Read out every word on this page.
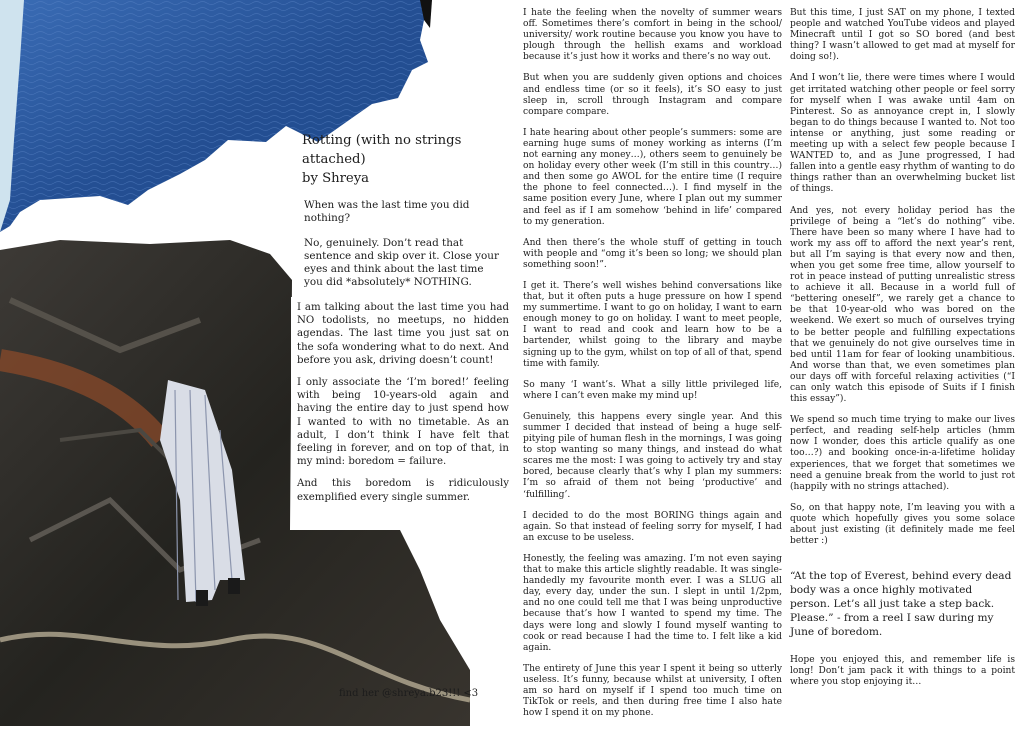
Rotting (with no strings attached)
by Shreya

When was the last time you did nothing?

No, genuinely. Don’t read that sentence and skip over it. Close your eyes and think about the last time you did *absolutely* NOTHING.

I am talking about the last time you had NO todolists, no meetups, no hidden agendas. The last time you just sat on the sofa wondering what to do next. And before you ask, driving doesn’t count!

I only associate the ‘I’m bored!’ feeling with being 10-years-old again and having the entire day to just spend how I wanted to with no timetable. As an adult, I don’t think I have felt that feeling in forever, and on top of that, in my mind: boredom = failure.

And this boredom is ridiculously exemplified every single summer.

find her @shreya.b23!!! <3

I hate the feeling when the novelty of summer wears off. Sometimes there’s comfort in being in the school/ university/ work routine because you know you have to plough through the hellish exams and workload because it’s just how it works and there’s no way out.

But when you are suddenly given options and choices and endless time (or so it feels), it’s SO easy to just sleep in, scroll through Instagram and compare compare compare.

I hate hearing about other people’s summers: some are earning huge sums of money working as interns (I’m not earning any money…), others seem to genuinely be on holiday every other week (I’m still in this country…) and then some go AWOL for the entire time (I require the phone to feel connected…). I find myself in the same position every June, where I plan out my summer and feel as if I am somehow ‘behind in life’ compared to my generation.

And then there’s the whole stuff of getting in touch with people and “omg it’s been so long; we should plan something soon!”.

I get it. There’s well wishes behind conversations like that, but it often puts a huge pressure on how I spend my summertime. I want to go on holiday, I want to earn enough money to go on holiday. I want to meet people, I want to read and cook and learn how to be a bartender, whilst going to the library and maybe signing up to the gym, whilst on top of all of that, spend time with family.

So many ‘I want’s. What a silly little privileged life, where I can’t even make my mind up!

Genuinely, this happens every single year. And this summer I decided that instead of being a huge self-pitying pile of human flesh in the mornings, I was going to stop wanting so many things, and instead do what scares me the most: I was going to actively try and stay bored, because clearly that’s why I plan my summers: I’m so afraid of them not being ‘productive’ and ‘fulfilling’.

I decided to do the most BORING things again and again. So that instead of feeling sorry for myself, I had an excuse to be useless.

Honestly, the feeling was amazing. I’m not even saying that to make this article slightly readable. It was single-handedly my favourite month ever. I was a SLUG all day, every day, under the sun. I slept in until 1/2pm, and no one could tell me that I was being unproductive because that’s how I wanted to spend my time. The days were long and slowly I found myself wanting to cook or read because I had the time to. I felt like a kid again.

The entirety of June this year I spent it being so utterly useless. It’s funny, because whilst at university, I often am so hard on myself if I spend too much time on TikTok or reels, and then during free time I also hate how I spend it on my phone.

But this time, I just SAT on my phone, I texted people and watched YouTube videos and played Minecraft until I got so SO bored (and best thing? I wasn’t allowed to get mad at myself for doing so!).

And I won’t lie, there were times where I would get irritated watching other people or feel sorry for myself when I was awake until 4am on Pinterest. So as annoyance crept in, I slowly began to do things because I wanted to. Not too intense or anything, just some reading or meeting up with a select few people because I WANTED to, and as June progressed, I had fallen into a gentle easy rhythm of wanting to do things rather than an overwhelming bucket list of things.

And yes, not every holiday period has the privilege of being a “let’s do nothing” vibe. There have been so many where I have had to work my ass off to afford the next year’s rent, but all I’m saying is that every now and then, when you get some free time, allow yourself to rot in peace instead of putting unrealistic stress to achieve it all. Because in a world full of “bettering oneself”, we rarely get a chance to be that 10-year-old who was bored on the weekend. We exert so much of ourselves trying to be better people and fulfilling expectations that we genuinely do not give ourselves time in bed until 11am for fear of looking unambitious. And worse than that, we even sometimes plan our days off with forceful relaxing activities (“I can only watch this episode of Suits if I finish this essay”).

We spend so much time trying to make our lives perfect, and reading self-help articles (hmm now I wonder, does this article qualify as one too…?) and booking once-in-a-lifetime holiday experiences, that we forget that sometimes we need a genuine break from the world to just rot (happily with no strings attached).

So, on that happy note, I’m leaving you with a quote which hopefully gives you some solace about just existing (it definitely made me feel better :)

“At the top of Everest, behind every dead body was a once highly motivated person. Let’s all just take a step back. Please.” - from a reel I saw during my June of boredom.

Hope you enjoyed this, and remember life is long! Don’t jam pack it with things to a point where you stop enjoying it…
